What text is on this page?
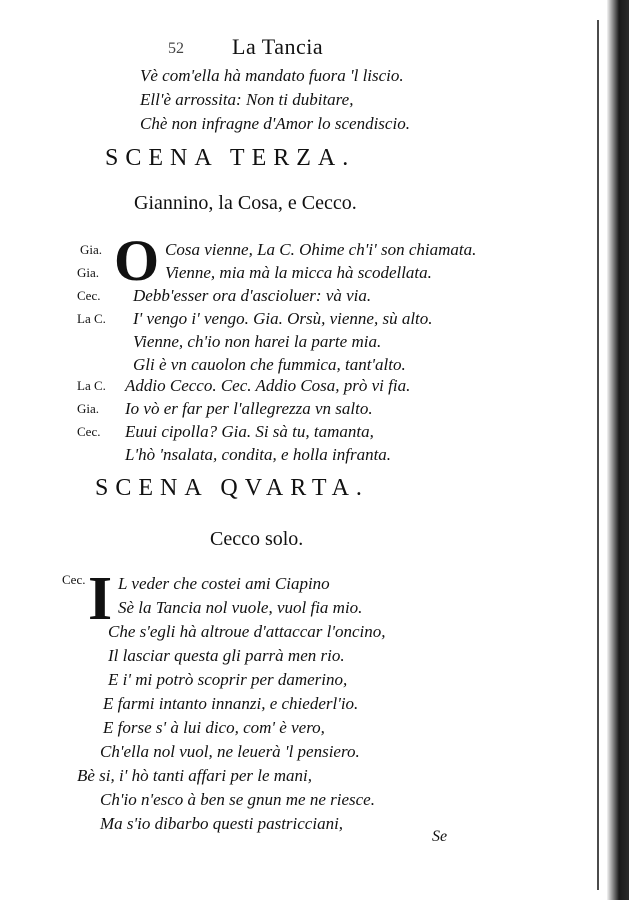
52 La Tancia
Vè com'ella hà mandato fuora 'l liscio.
Ell'è arrossita: Non ti dubitare,
Chè non infragne d'Amor lo scendiscio.
SCENA TERZA.
Giannino, la Cosa, e Cecco.
O
Gia.	Cosa vienne, La C. Ohime ch'i' son chiamata.
Gia.	Vienne, mia mà la micca hà scodellata.
Cec. Debb'esser ora d'ascioluer: và via.
La C. I' vengo i' vengo. Gia. Orsù, vienne, sù alto.
Vienne, ch'io non harei la parte mia.
Gli è vn cauolon che fummica, tant'alto.
La C. Addio Cecco. Cec. Addio Cosa, prò vi fia.
Gia. Io vò er far per l'allegrezza vn salto.
Cec. Euui cipolla? Gia. Si sà tu, tamanta,
L'hò 'nsalata, condita, e holla infranta.
SCENA QVARTA.
Cecco solo.
Cec. I L veder che costei ami Ciapino
Sè la Tancia nol vuole, vuol fia mio.
Che s'egli hà altroue d'attaccar l'oncino,
Il lasciar questa gli parrà men rio.
E i' mi potrò scoprir per damerino,
E farmi intanto innanzi, e chiederl'io.
E forse s' à lui dico, com' è vero,
Ch'ella nol vuol, ne leuerà 'l pensiero.
Bè si, i' hò tanti affari per le mani,
Ch'io n'esco à ben se gnun me ne riesce.
Ma s'io dibarbo questi pastricciani,
Se
